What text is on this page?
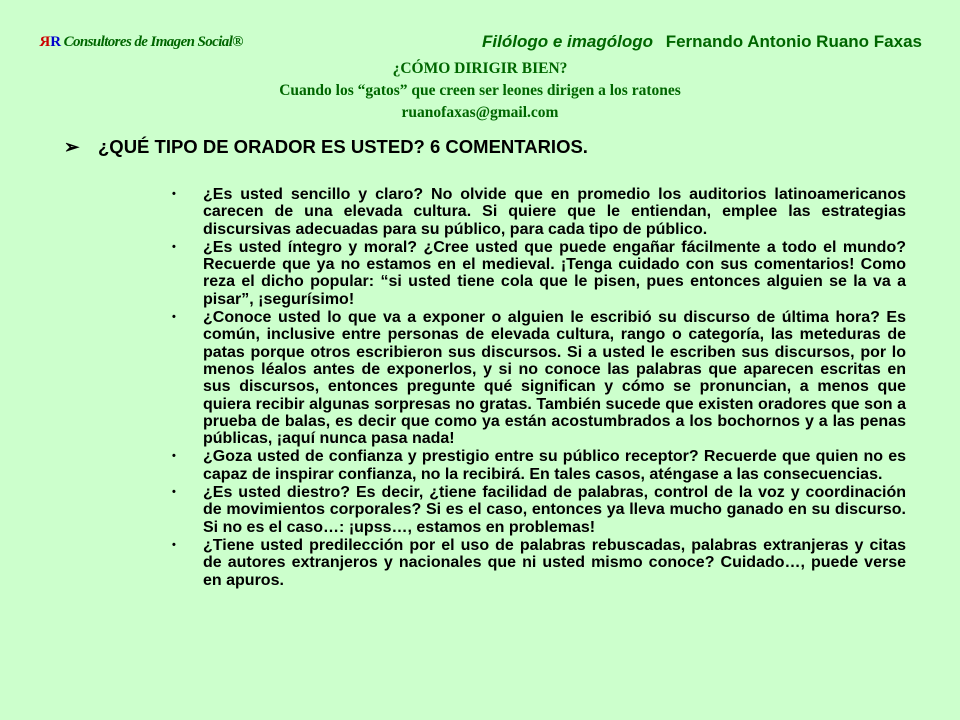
RR Consultores de Imagen Social®	Filólogo e imagólogo Fernando Antonio Ruano Faxas
¿CÓMO DIRIGIR BIEN?
Cuando los “gatos” que creen ser leones dirigen a los ratones
ruanofaxas@gmail.com
➢ ¿QUÉ TIPO DE ORADOR ES USTED? 6 COMENTARIOS.
• ¿Es usted sencillo y claro? No olvide que en promedio los auditorios latinoamericanos carecen de una elevada cultura. Si quiere que le entiendan, emplee las estrategias discursivas adecuadas para su público, para cada tipo de público.
• ¿Es usted íntegro y moral? ¿Cree usted que puede engañar fácilmente a todo el mundo? Recuerde que ya no estamos en el medieval. ¡Tenga cuidado con sus comentarios! Como reza el dicho popular: “si usted tiene cola que le pisen, pues entonces alguien se la va a pisar”, ¡segurísimo!
• ¿Conoce usted lo que va a exponer o alguien le escribió su discurso de última hora? Es común, inclusive entre personas de elevada cultura, rango o categoría, las meteduras de patas porque otros escribieron sus discursos. Si a usted le escriben sus discursos, por lo menos léalos antes de exponerlos, y si no conoce las palabras que aparecen escritas en sus discursos, entonces pregunte qué significan y cómo se pronuncian, a menos que quiera recibir algunas sorpresas no gratas. También sucede que existen oradores que son a prueba de balas, es decir que como ya están acostumbrados a los bochornos y a las penas públicas, ¡aquí nunca pasa nada!
• ¿Goza usted de confianza y prestigio entre su público receptor? Recuerde que quien no es capaz de inspirar confianza, no la recibirá. En tales casos, aténgase a las consecuencias.
• ¿Es usted diestro? Es decir, ¿tiene facilidad de palabras, control de la voz y coordinación de movimientos corporales? Si es el caso, entonces ya lleva mucho ganado en su discurso. Si no es el caso…: ¡upss…, estamos en problemas!
• ¿Tiene usted predilección por el uso de palabras rebuscadas, palabras extranjeras y citas de autores extranjeros y nacionales que ni usted mismo conoce? Cuidado…, puede verse en apuros.
